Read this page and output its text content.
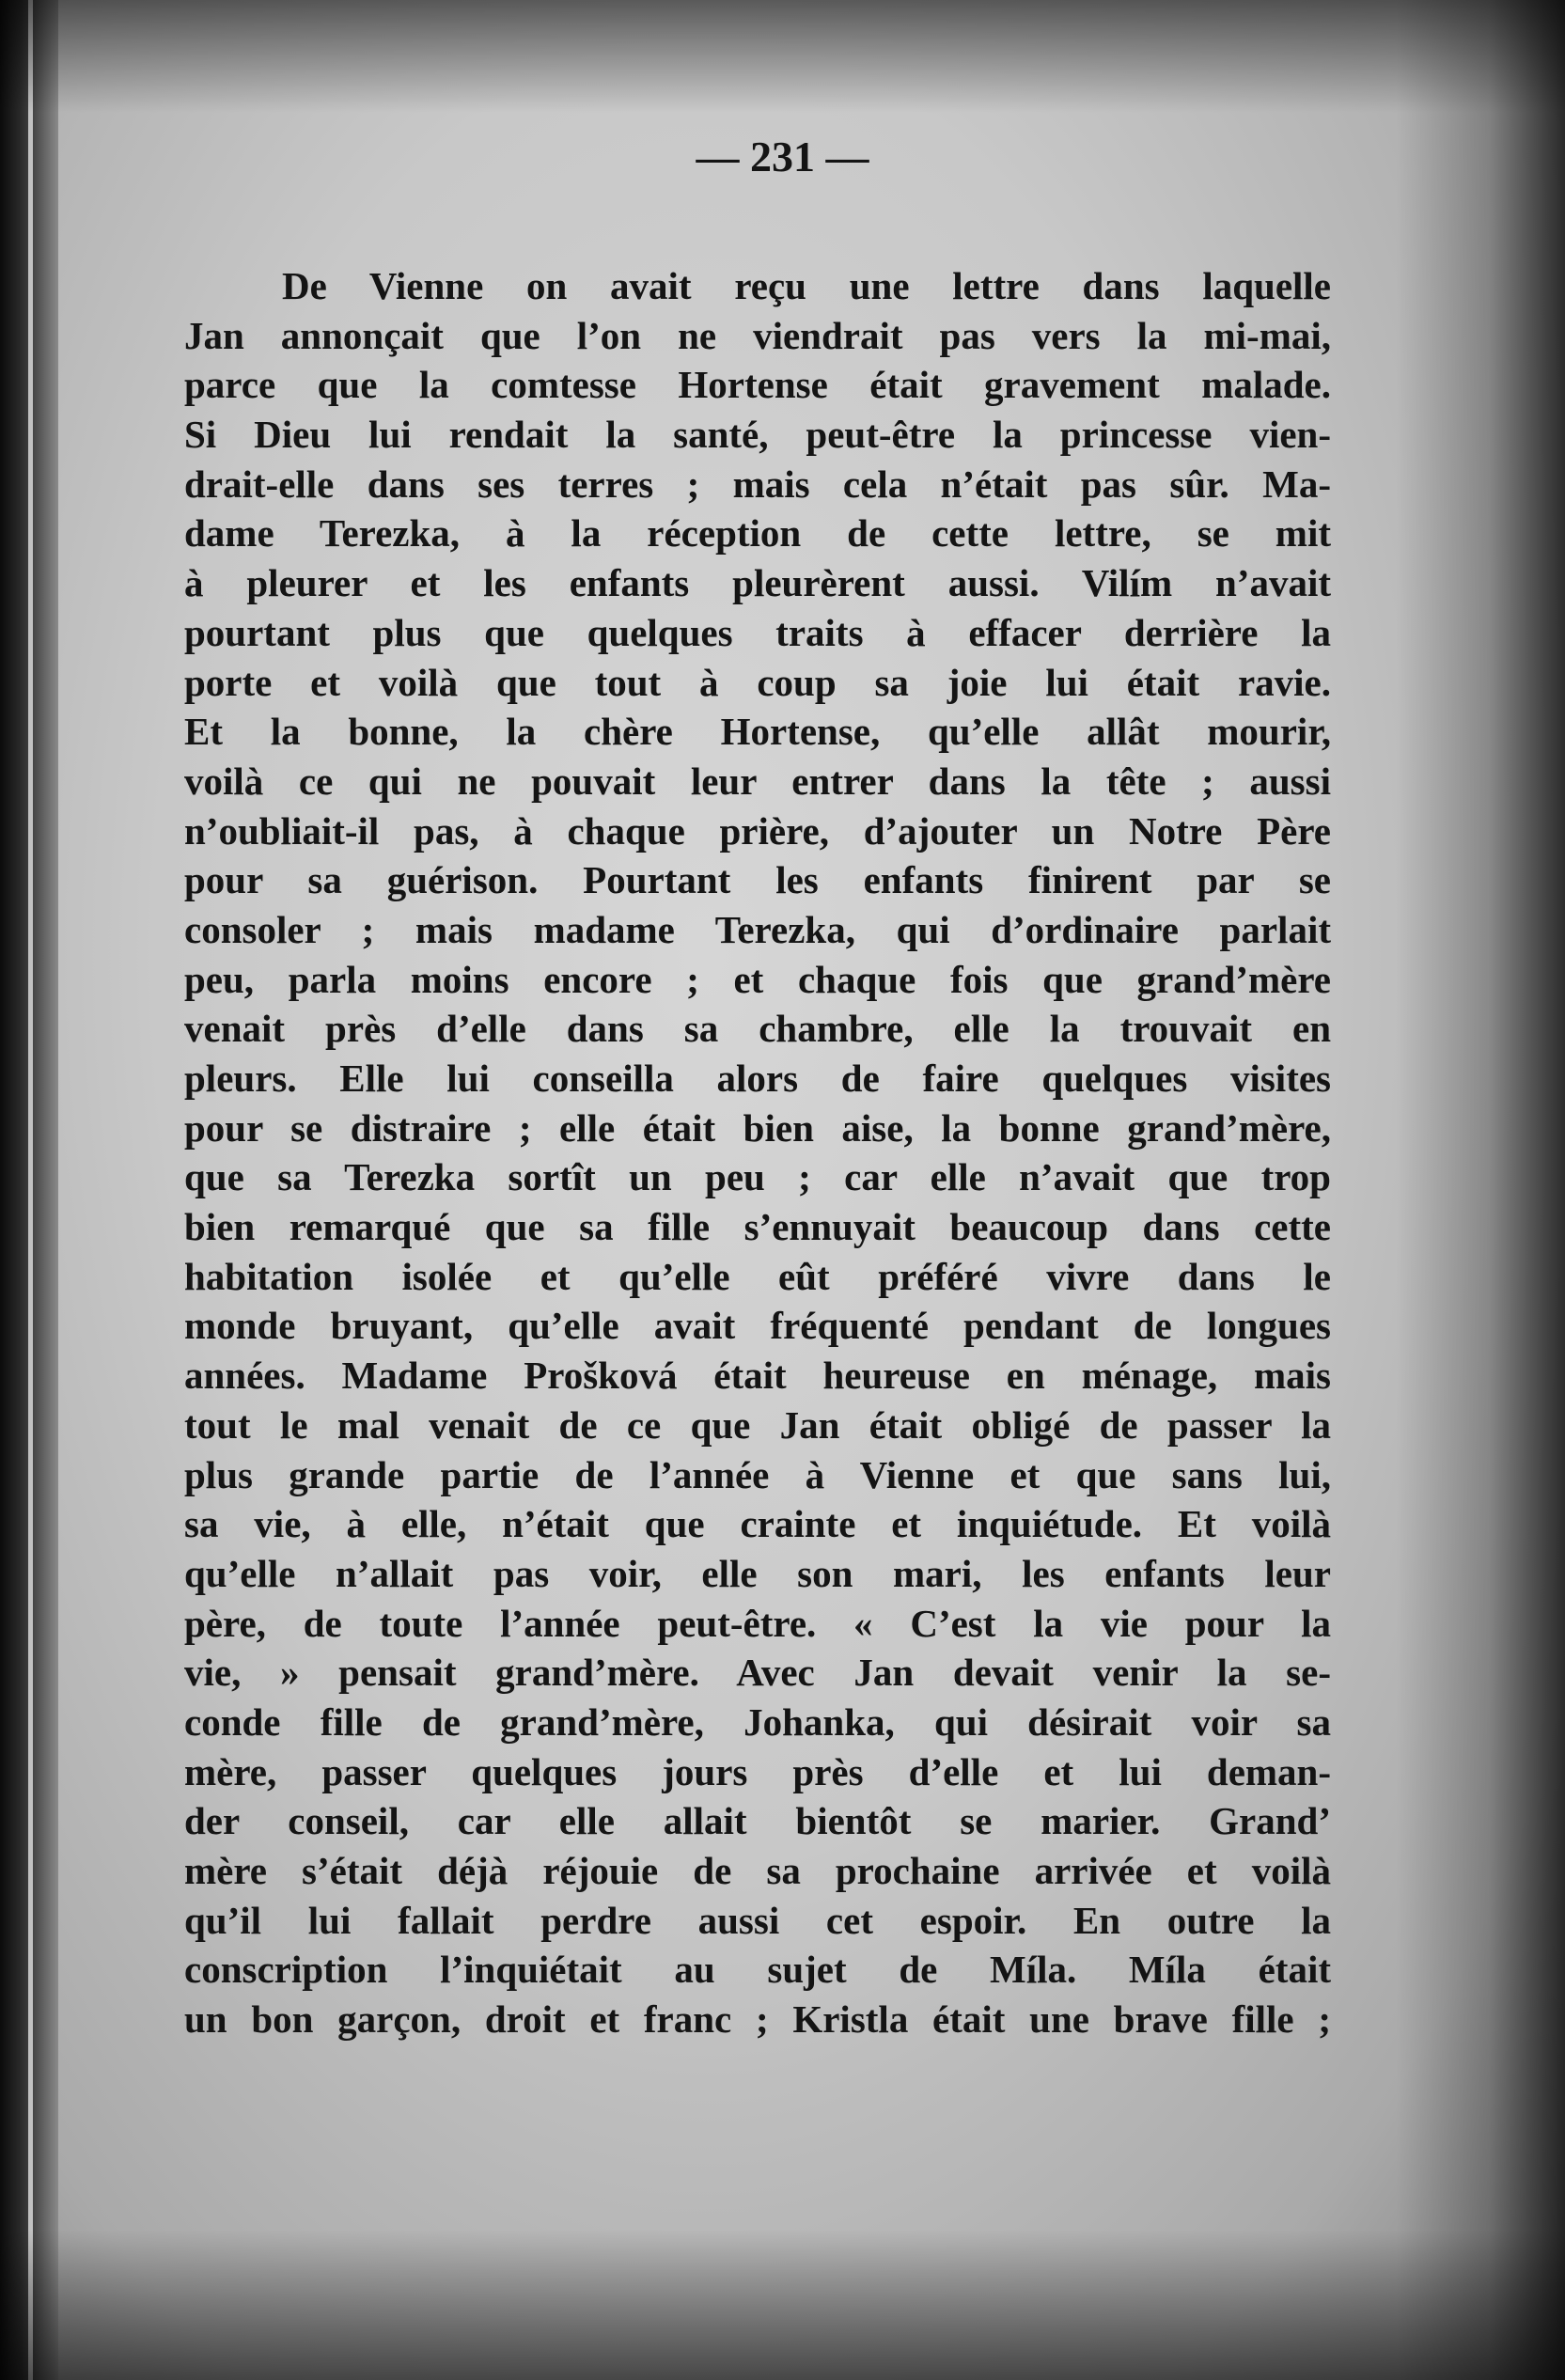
— 231 —
De Vienne on avait reçu une lettre dans laquelle
Jan annonçait que l’on ne viendrait pas vers la mi-mai,
parce que la comtesse Hortense était gravement malade.
Si Dieu lui rendait la santé, peut-être la princesse vien-
drait-elle dans ses terres ; mais cela n’était pas sûr. Ma-
dame Terezka, à la réception de cette lettre, se mit
à pleurer et les enfants pleurèrent aussi. Vilím n’avait
pourtant plus que quelques traits à effacer derrière la
porte et voilà que tout à coup sa joie lui était ravie.
Et la bonne, la chère Hortense, qu’elle allât mourir,
voilà ce qui ne pouvait leur entrer dans la tête ; aussi
n’oubliait-il pas, à chaque prière, d’ajouter un Notre Père
pour sa guérison. Pourtant les enfants finirent par se
consoler ; mais madame Terezka, qui d’ordinaire parlait
peu, parla moins encore ; et chaque fois que grand’mère
venait près d’elle dans sa chambre, elle la trouvait en
pleurs. Elle lui conseilla alors de faire quelques visites
pour se distraire ; elle était bien aise, la bonne grand’mère,
que sa Terezka sortît un peu ; car elle n’avait que trop
bien remarqué que sa fille s’ennuyait beaucoup dans cette
habitation isolée et qu’elle eût préféré vivre dans le
monde bruyant, qu’elle avait fréquenté pendant de longues
années. Madame Prošková était heureuse en ménage, mais
tout le mal venait de ce que Jan était obligé de passer la
plus grande partie de l’année à Vienne et que sans lui,
sa vie, à elle, n’était que crainte et inquiétude. Et voilà
qu’elle n’allait pas voir, elle son mari, les enfants leur
père, de toute l’année peut-être. « C’est la vie pour la
vie, » pensait grand’mère. Avec Jan devait venir la se-
conde fille de grand’mère, Johanka, qui désirait voir sa
mère, passer quelques jours près d’elle et lui deman-
der conseil, car elle allait bientôt se marier. Grand’
mère s’était déjà réjouie de sa prochaine arrivée et voilà
qu’il lui fallait perdre aussi cet espoir. En outre la
conscription l’inquiétait au sujet de Míla. Míla était
un bon garçon, droit et franc ; Kristla était une brave fille ;
